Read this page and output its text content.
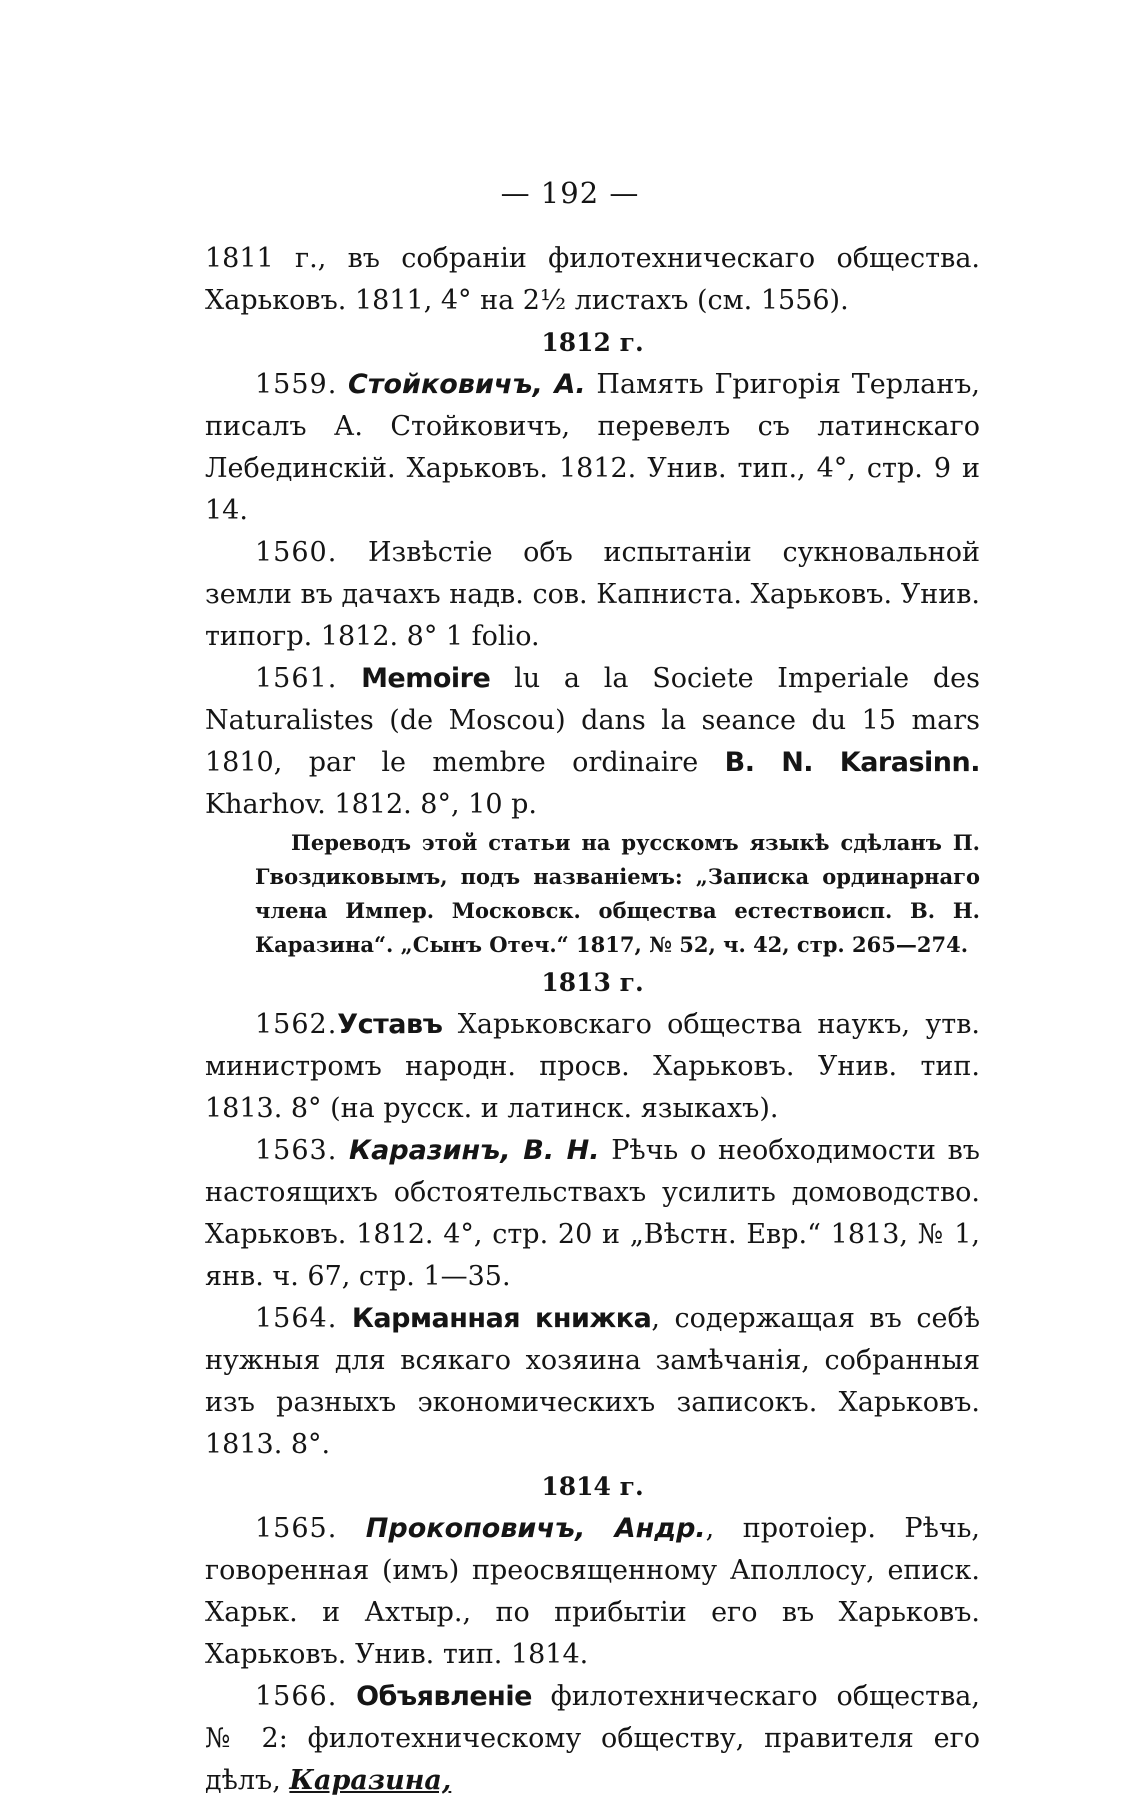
— 192 —

1811 г., въ собраніи филотехническаго общества. Харьковъ. 1811, 4° на 2½ листахъ (см. 1556).

1812 г.

1559. Стойковичъ, А. Память Григорія Терланъ, писалъ А. Стойковичъ, перевелъ съ латинскаго Лебединскій. Харьковъ. 1812. Унив. тип., 4°, стр. 9 и 14.

1560. Извѣстіе объ испытаніи сукновальной земли въ дачахъ надв. сов. Капниста. Харьковъ. Унив. типогр. 1812. 8° 1 folio.

1561. Memoire lu a la Societe Imperiale des Naturalistes (de Moscou) dans la seance du 15 mars 1810, par le membre ordinaire B. N. Karasinn. Kharhov. 1812. 8°, 10 p.

Переводъ этой статьи на русскомъ языкѣ сдѣланъ П. Гвоздиковымъ, подъ названіемъ: „Записка ординарнаго члена Импер. Московск. общества естествоисп. В. Н. Каразина“. „Сынъ Отеч.“ 1817, № 52, ч. 42, стр. 265—274.

1813 г.

1562.Уставъ Харьковскаго общества наукъ, утв. министромъ народн. просв. Харьковъ. Унив. тип. 1813. 8° (на русск. и латинск. языкахъ).

1563. Каразинъ, В. Н. Рѣчь о необходимости въ настоящихъ обстоятельствахъ усилить домоводство. Харьковъ. 1812. 4°, стр. 20 и „Вѣстн. Евр.“ 1813, № 1, янв. ч. 67, стр. 1—35.

1564. Карманная книжка, содержащая въ себѣ нужныя для всякаго хозяина замѣчанія, собранныя изъ разныхъ экономическихъ записокъ. Харьковъ. 1813. 8°.

1814 г.

1565. Прокоповичъ, Андр., протоіер. Рѣчь, говоренная (имъ) преосвященному Аполлосу, еписк. Харьк. и Ахтыр., по прибытіи его въ Харьковъ. Харьковъ. Унив. тип. 1814.

1566. Объявленіе филотехническаго общества, № 2: филотехническому обществу, правителя его дѣлъ, Каразина,
